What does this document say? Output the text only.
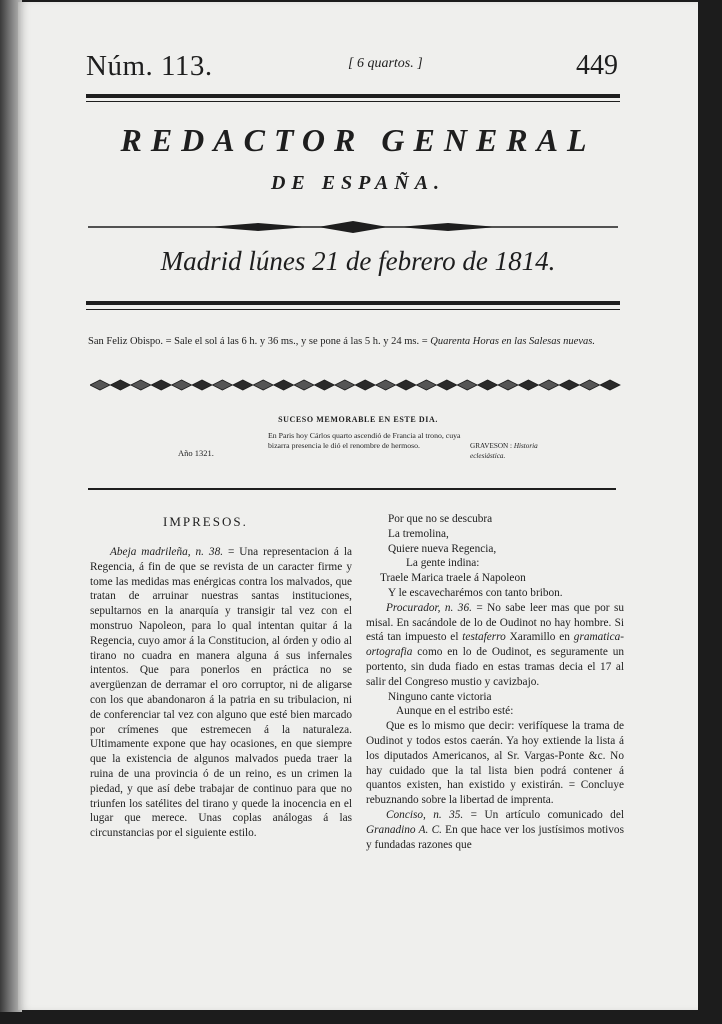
Núm. 113.	[ 6 quartos. ]	449
REDACTOR GENERAL
DE ESPAÑA.
Madrid lúnes 21 de febrero de 1814.
San Feliz Obispo. = Sale el sol á las 6 h. y 36 ms., y se pone á las 5 h. y 24 ms. = Quarenta Horas en las Salesas nuevas.
SUCESO MEMORABLE EN ESTE DIA.
Año 1321.
En Paris hoy Cárlos quarto ascendió de Francia al trono, cuya bizarra presencia le dió el renombre de hermoso.	GRAVESON : Historia eclesiástica.
IMPRESOS.

Abeja madrileña, n. 38. = Una representacion á la Regencia, á fin de que se revista de un caracter firme y tome las medidas mas enérgicas contra los malvados, que tratan de arruinar nuestras santas instituciones, sepultarnos en la anarquía y transigir tal vez con el monstruo Napoleon, para lo qual intentan quitar á la Regencia, cuyo amor á la Constitucion, al órden y odio al tirano no cuadra en manera alguna á sus infernales intentos. Que para ponerlos en práctica no se avergüenzan de derramar el oro corruptor, ni de aligarse con los que abandonaron á la patria en su tribulacion, ni de conferenciar tal vez con alguno que esté bien marcado por crímenes que estremecen á la naturaleza. Ultimamente expone que hay ocasiones, en que siempre que la existencia de algunos malvados pueda traer la ruina de una provincia ó de un reino, es un crimen la piedad, y que así debe trabajar de continuo para que no triunfen los satélites del tirano y quede la inocencia en el lugar que merece. Unas coplas análogas á las circunstancias por el siguiente estilo.

Por que no se descubra

La tremolina,

Quiere nueva Regencia,

La gente indina:

Traele Marica traele á Napoleon

Y le escavecharémos con tanto bribon.

Procurador, n. 36. = No sabe leer mas que por su misal. En sacándole de lo de Oudinot no hay hombre. Si está tan impuesto el testaferro Xaramillo en gramatica-ortografia como en lo de Oudinot, es seguramente un portento, sin duda fiado en estas tramas decia el 17 al salir del Congreso mustio y cavizbajo.

Ninguno cante victoria

Aunque en el estribo esté:

Que es lo mismo que decir: verifíquese la trama de Oudinot y todos estos caerán. Ya hoy extiende la lista á los diputados Americanos, al Sr. Vargas-Ponte &c. No hay cuidado que la tal lista bien podrá contener á quantos existen, han existido y existirán. = Concluye rebuznando sobre la libertad de imprenta.

Conciso, n. 35. = Un artículo comunicado del Granadino A. C. En que hace ver los justísimos motivos y fundadas razones que
